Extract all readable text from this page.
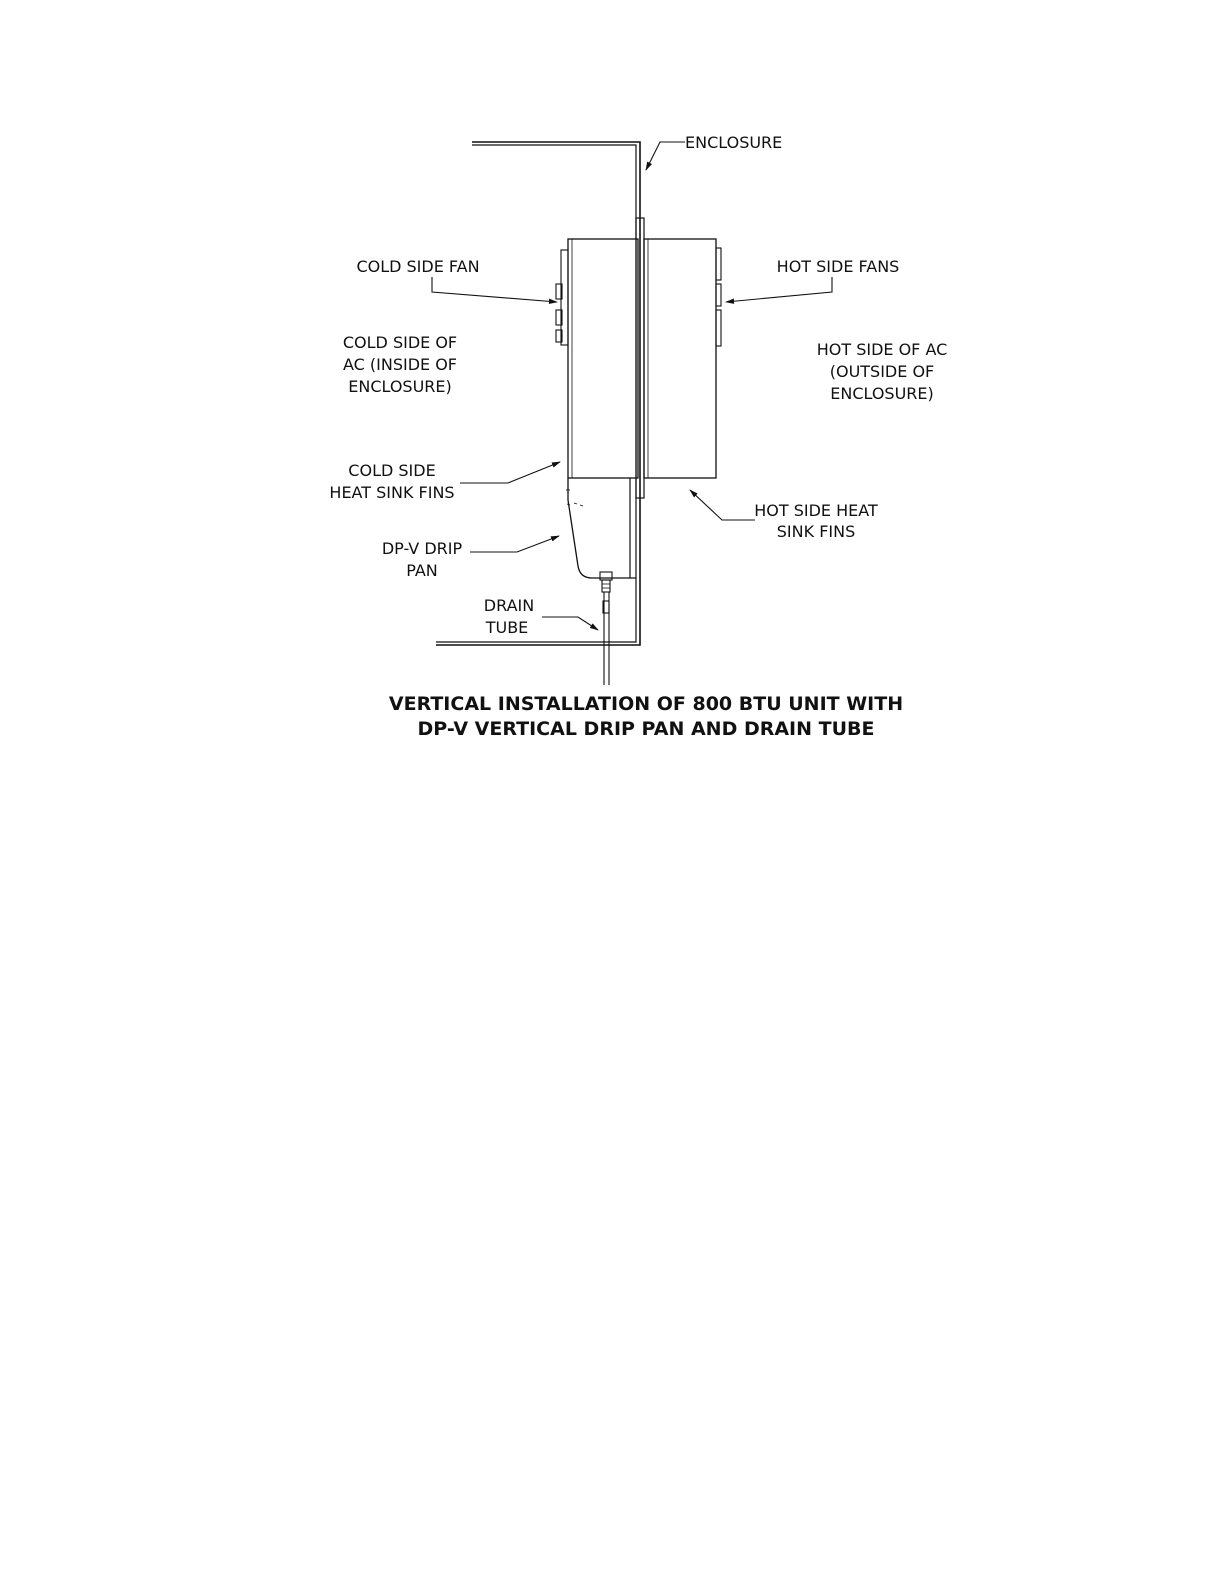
ENCLOSURE
COLD SIDE FAN	HOT SIDE FANS
COLD SIDE OF
AC (INSIDE OF
ENCLOSURE)
HOT SIDE OF AC
(OUTSIDE OF
ENCLOSURE)
COLD SIDE
HEAT SINK FINS
HOT SIDE HEAT
SINK FINS
DP-V DRIP
PAN
DRAIN
TUBE
VERTICAL INSTALLATION OF 800 BTU UNIT WITH
DP-V VERTICAL DRIP PAN AND DRAIN TUBE
